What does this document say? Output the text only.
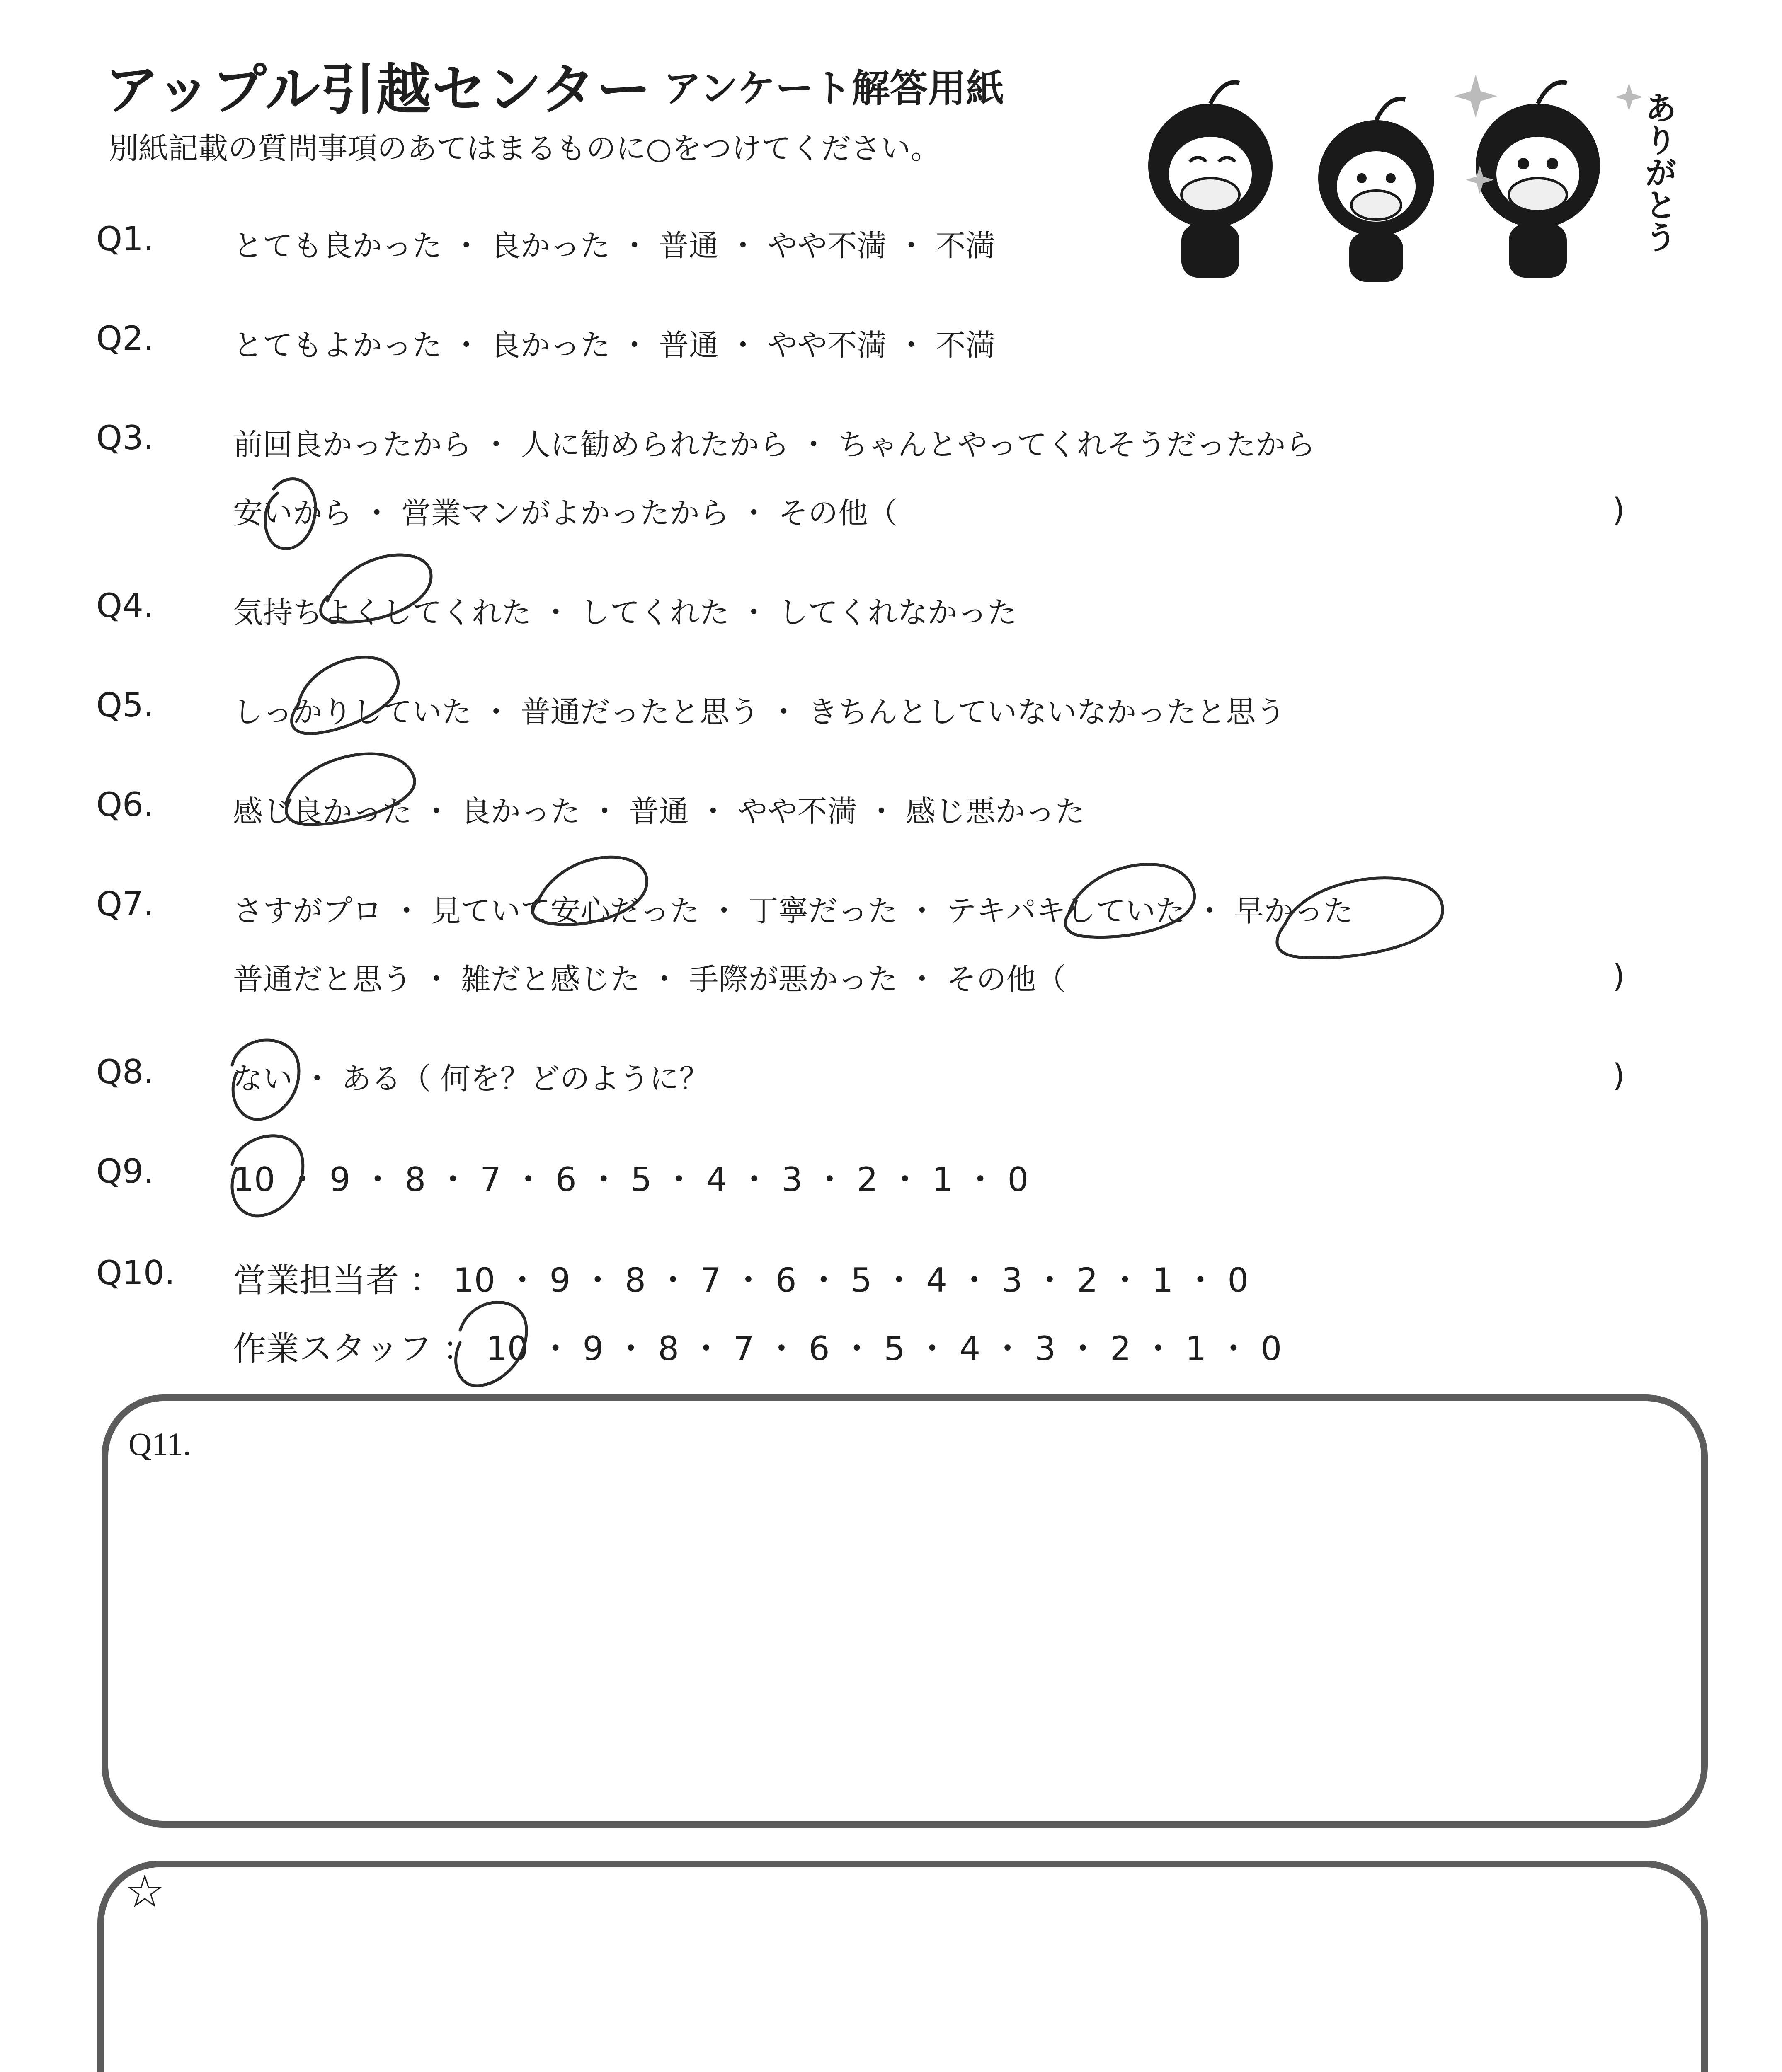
アップル引越センター アンケート解答用紙
別紙記載の質問事項のあてはまるものに○をつけてください。	ありがとう
Q1.	とても良かった ・ 良かった ・ 普通 ・ やや不満 ・ 不満
Q2.	とてもよかった ・ 良かった ・ 普通 ・ やや不満 ・ 不満
Q3.	前回良かったから ・ 人に勧められたから ・ ちゃんとやってくれそうだったから
安いから ・ 営業マンがよかったから ・ その他（	)
Q4.	気持ちよくしてくれた ・ してくれた ・ してくれなかった
Q5.	しっかりしていた ・ 普通だったと思う ・ きちんとしていないなかったと思う
Q6.	感じ良かった ・ 良かった ・ 普通 ・ やや不満 ・ 感じ悪かった
Q7.	さすがプロ ・ 見ていて安心だった ・ 丁寧だった ・ テキパキしていた ・ 早かった
普通だと思う ・ 雑だと感じた ・ 手際が悪かった ・ その他（	)
Q8.	ない ・ ある（ 何を？どのように？	)
Q9. 10 ・ 9 ・ 8 ・ 7 ・ 6 ・ 5 ・ 4 ・ 3 ・ 2 ・ 1 ・ 0
Q10. 営業担当者 ： 10 ・ 9 ・ 8 ・ 7 ・ 6 ・ 5 ・ 4 ・ 3 ・ 2 ・ 1 ・ 0
作業スタッフ ： 10 ・ 9 ・ 8 ・ 7 ・ 6 ・ 5 ・ 4 ・ 3 ・ 2 ・ 1 ・ 0
Q11.
☆
